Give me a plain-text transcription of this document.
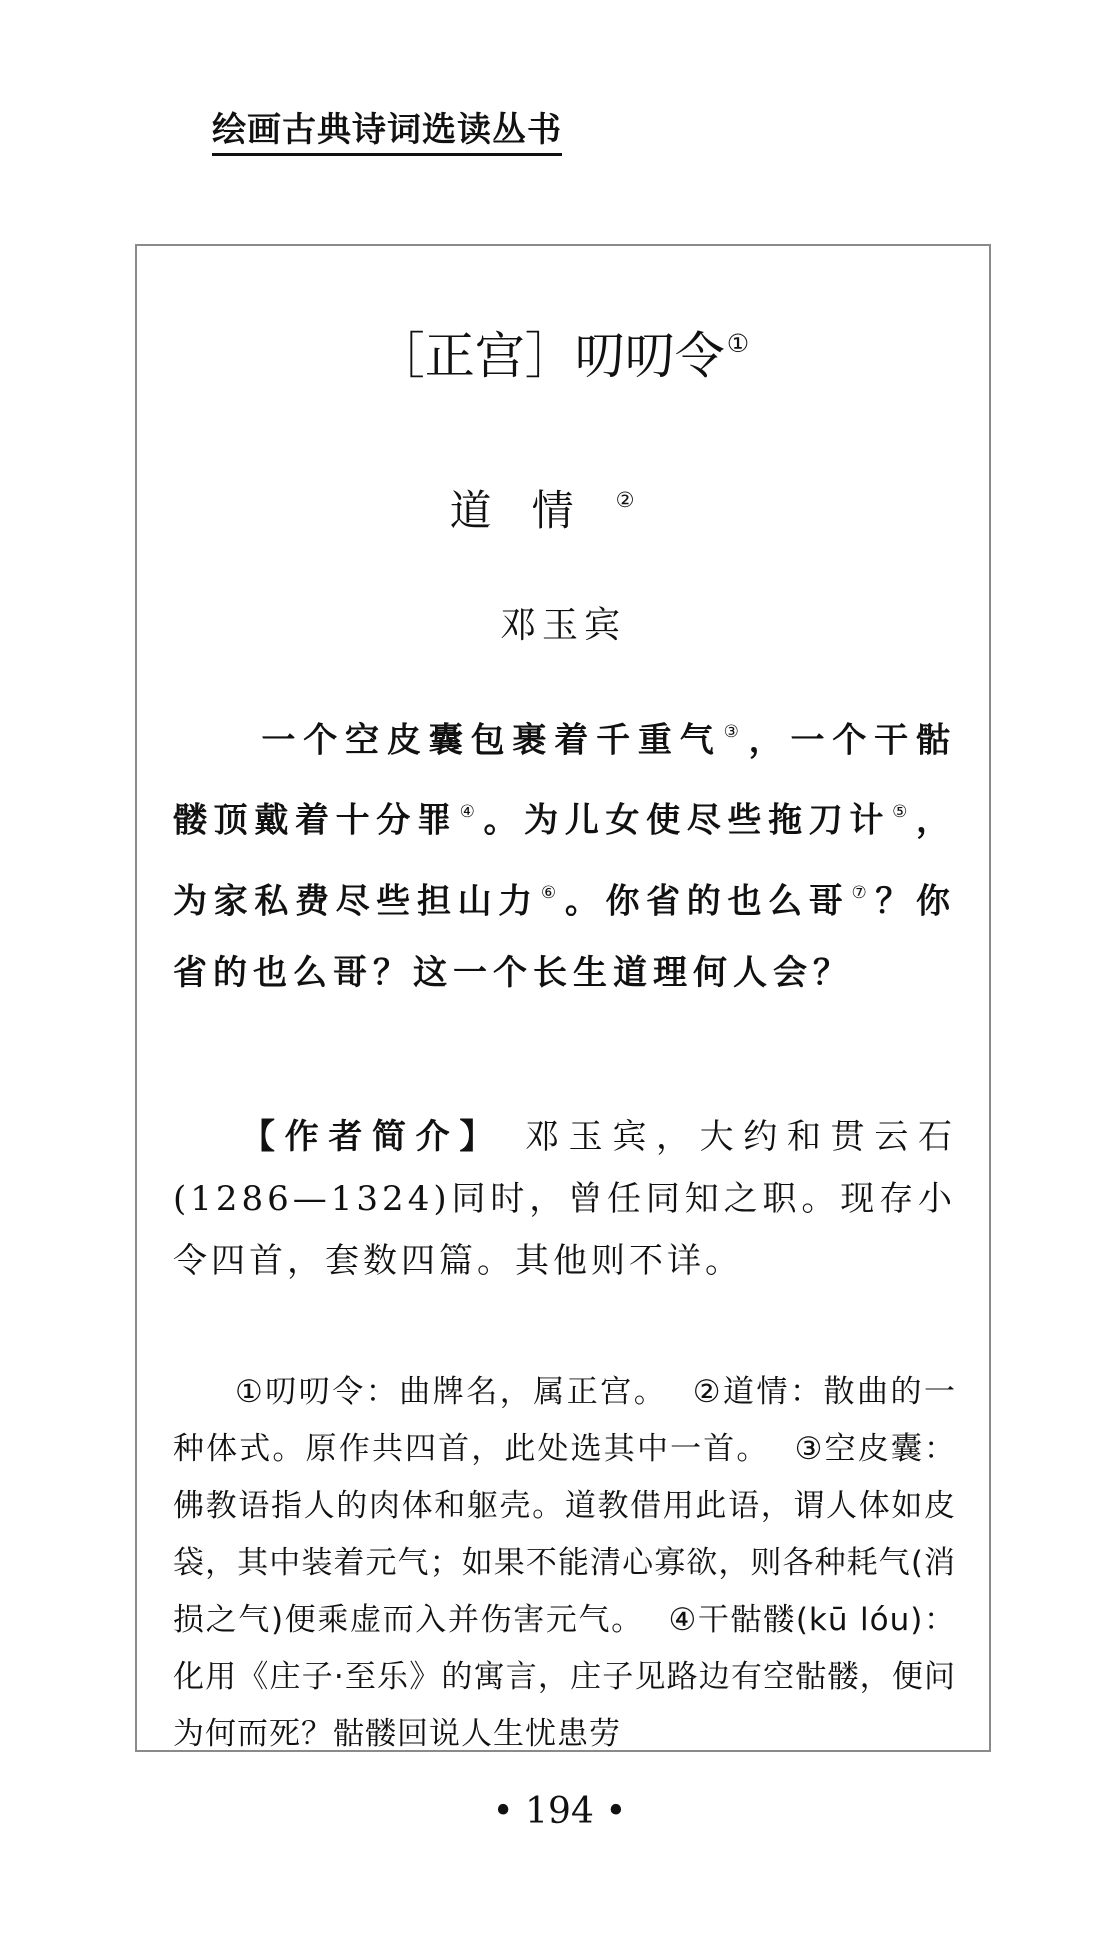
绘画古典诗词选读丛书
［正宫］叨叨令①
道情②
邓玉宾

一个空皮囊包裹着千重气 ③，一个干骷髅顶戴着十分罪 ④。为儿女使尽些拖刀计 ⑤，为家私费尽些担山力 ⑥。你省的也么哥 ⑦？你省的也么哥？这一个长生道理何人会？

【作者简介】 邓玉宾，大约和贯云石(1286—1324)同时，曾任同知之职。现存小令四首，套数四篇。其他则不详。

①叨叨令：曲牌名，属正宫。 ②道情：散曲的一种体式。原作共四首，此处选其中一首。 ③空皮囊：佛教语指人的肉体和躯壳。道教借用此语，谓人体如皮袋，其中装着元气；如果不能清心寡欲，则各种耗气(消损之气)便乘虚而入并伤害元气。 ④干骷髅(kū lóu)：化用《庄子·至乐》的寓言，庄子见路边有空骷髅，便问为何而死？骷髅回说人生忧患劳

• 194 •
